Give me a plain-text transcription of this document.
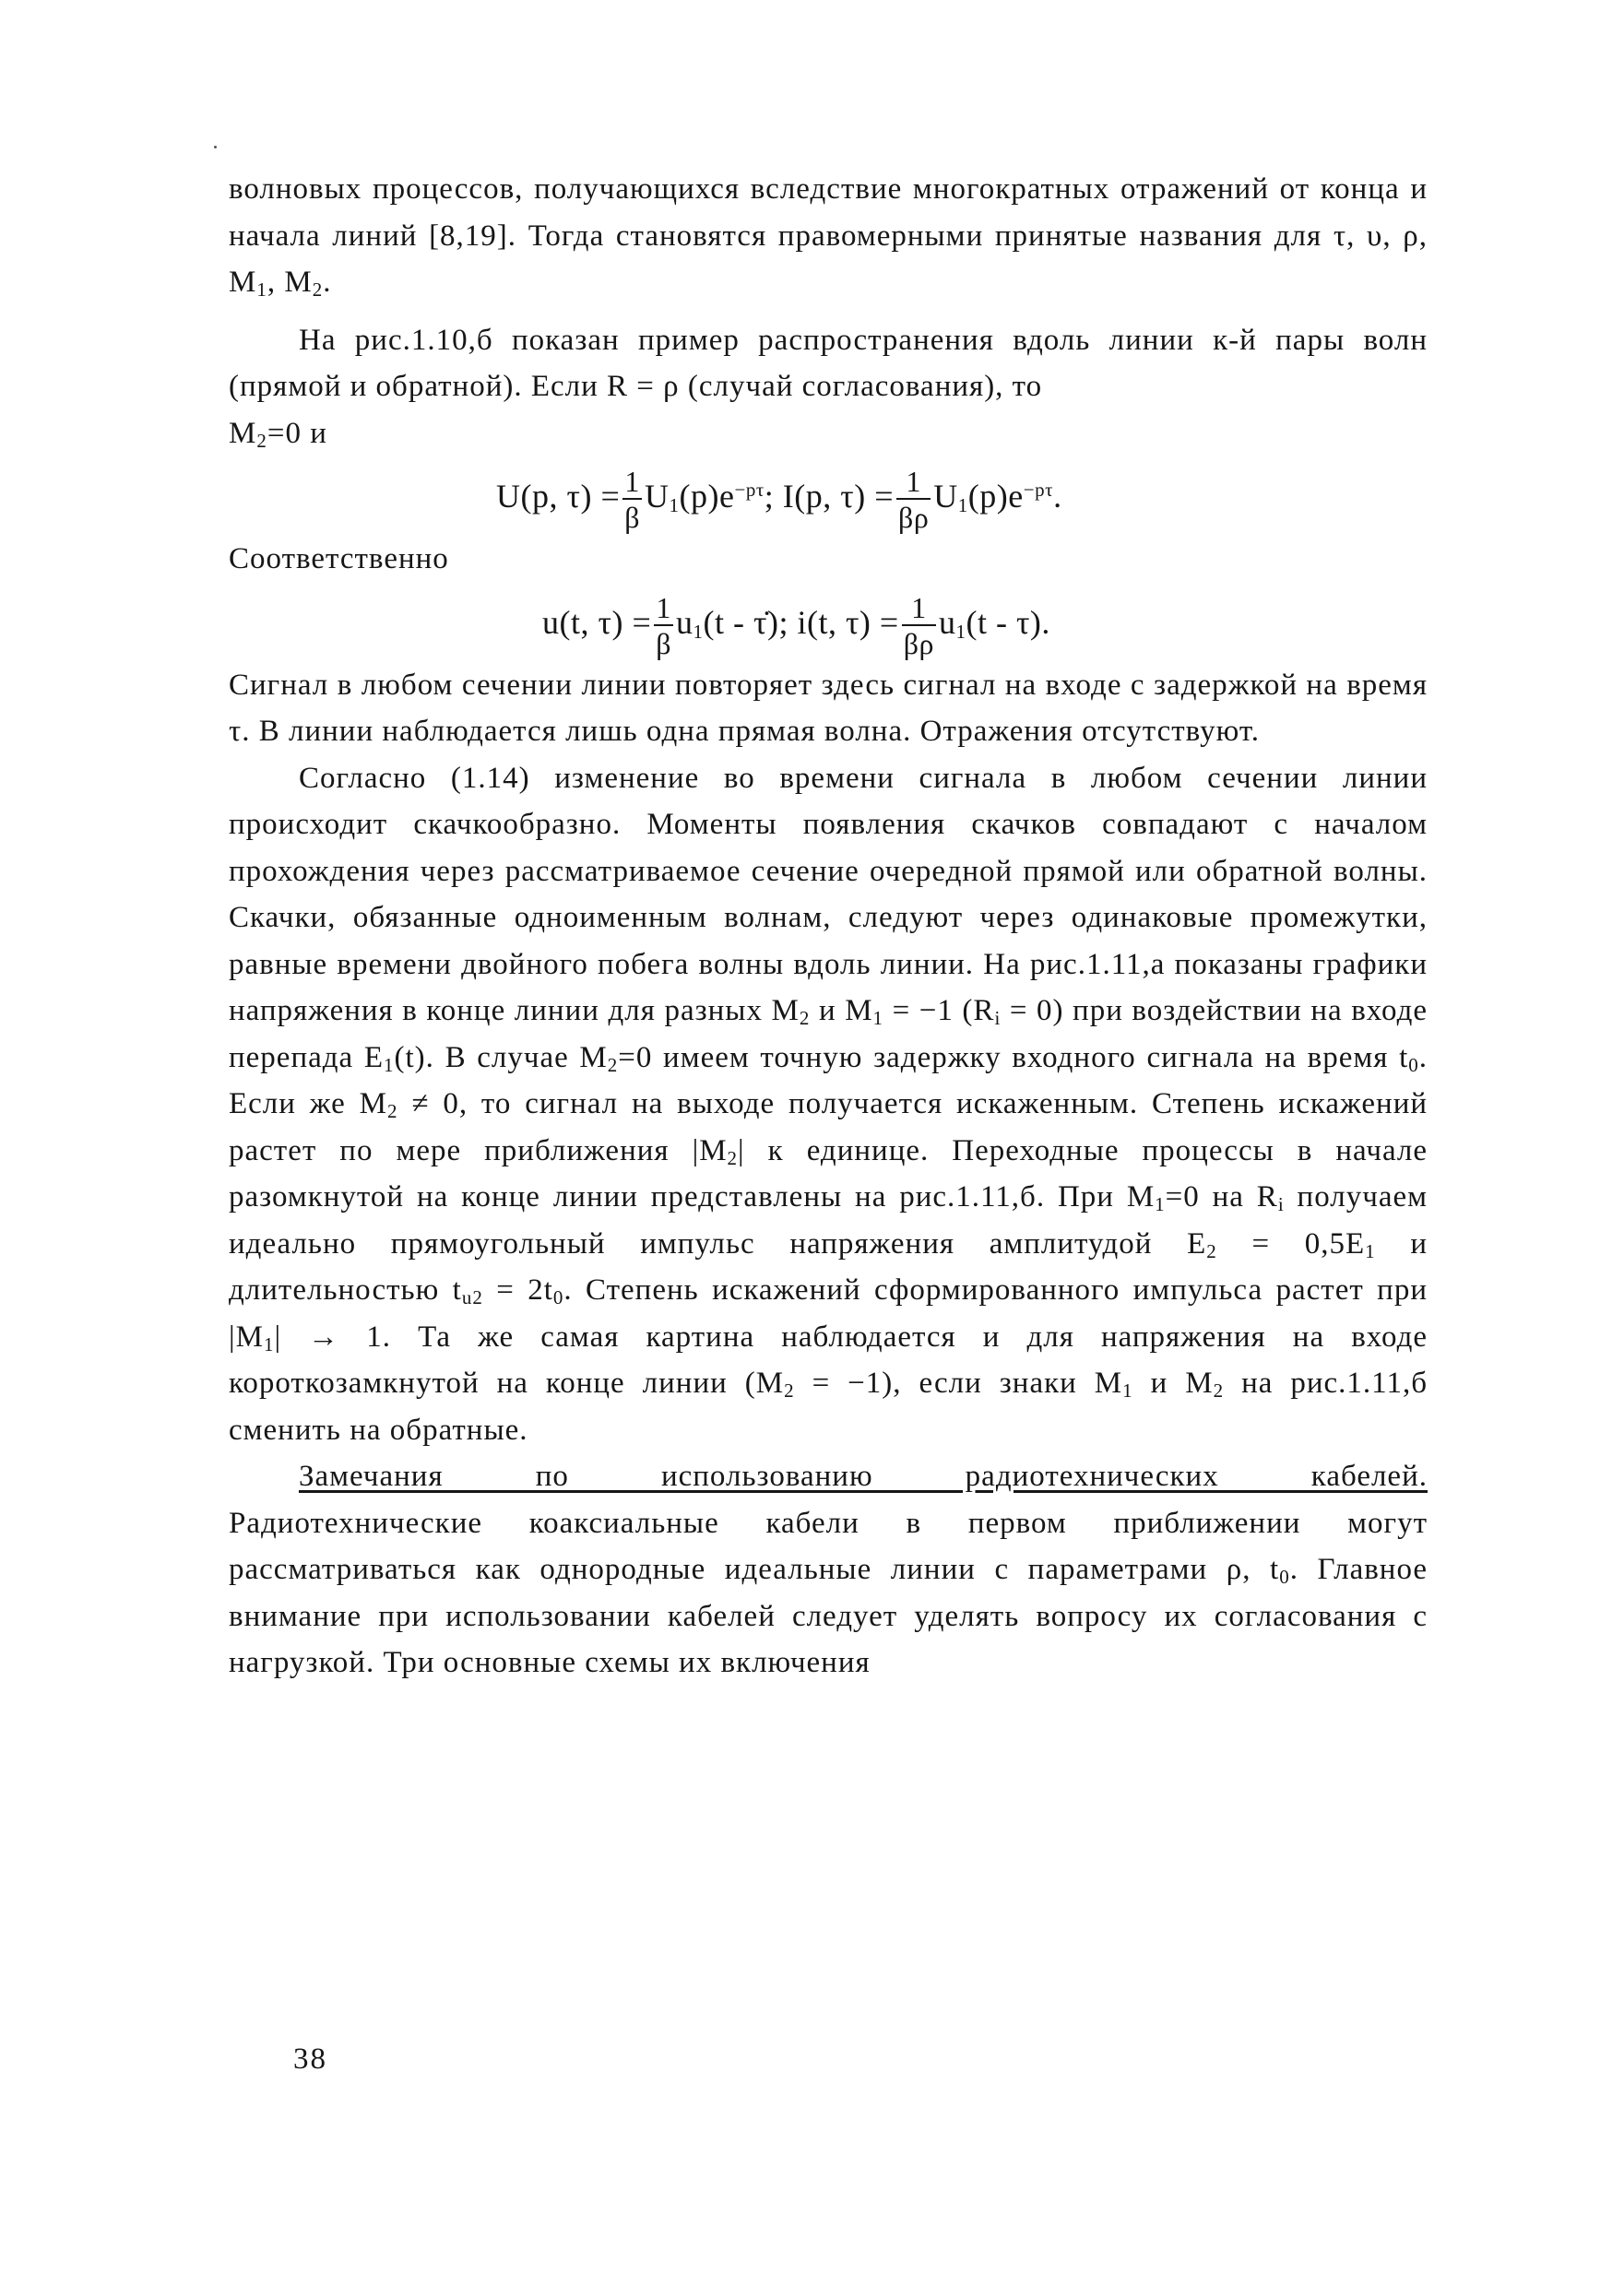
волновых процессов, получающихся вследствие многократных отражений от конца и начала линий [8,19]. Тогда становятся правомерными принятые названия для τ, υ, ρ, $M_1$, $M_2$.

На рис.1.10,б показан пример распространения вдоль линии к-й пары волн (прямой и обратной). Если R = ρ (случай согласования), то
$M_2=0$ и

U(p, $\tau) = \frac{1}{\beta} U_1(p)e^{-p\tau}$; I(p, $\tau) = \frac{1}{\beta\rho} U_1(p)e^{-p\tau}$.

Соответственно

u(t, $\tau) = \frac{1}{\beta} u_1(t$ - τ̇); i(t, $\tau) = \frac{1}{\beta\rho} u_1(t - \tau)$.

Сигнал в любом сечении линии повторяет здесь сигнал на входе с задержкой на время τ. В линии наблюдается лишь одна прямая волна. Отражения отсутствуют.

Согласно (1.14) изменение во времени сигнала в любом сечении линии происходит скачкообразно. Моменты появления скачков совпадают с началом прохождения через рассматриваемое сечение очередной прямой или обратной волны. Скачки, обязанные одноименным волнам, следуют через одинаковые промежутки, равные времени двойного побега волны вдоль линии. На рис.1.11,а показаны графики напряжения в конце линии для разных $M_2$ и $M_1 = -1$ $(R_i = 0)$ при воздействии на входе перепада $E_1(t)$. В случае $M_2=0$ имеем точную задержку входного сигнала на время $t_0$. Если же $M_2 \ne 0$, то сигнал на выходе получается искаженным. Степень искажений растет по мере приближения $|M_2|$ к единице. Переходные процессы в начале разомкнутой на конце линии представлены на рис.1.11,б. При $M_1=0$ на $R_i$ получаем идеально прямоугольный импульс напряжения амплитудой $E_2 = 0,5E_1$ и длительностью $t_{u2} = 2t_0$. Степень искажений сформированного импульса растет при $|M_1| \to 1$. Та же самая картина наблюдается и для напряжения на входе короткозамкнутой на конце линии $(M_2 = -1)$, если знаки $M_1$ и $M_2$ на рис.1.11,б сменить на обратные.

Замечания по использованию радиотехнических кабелей.

Радиотехнические коаксиальные кабели в первом приближении могут рассматриваться как однородные идеальные линии с параметрами ρ, $t_0$. Главное внимание при использовании кабелей следует уделять вопросу их согласования с нагрузкой. Три основные схемы их включения

38
